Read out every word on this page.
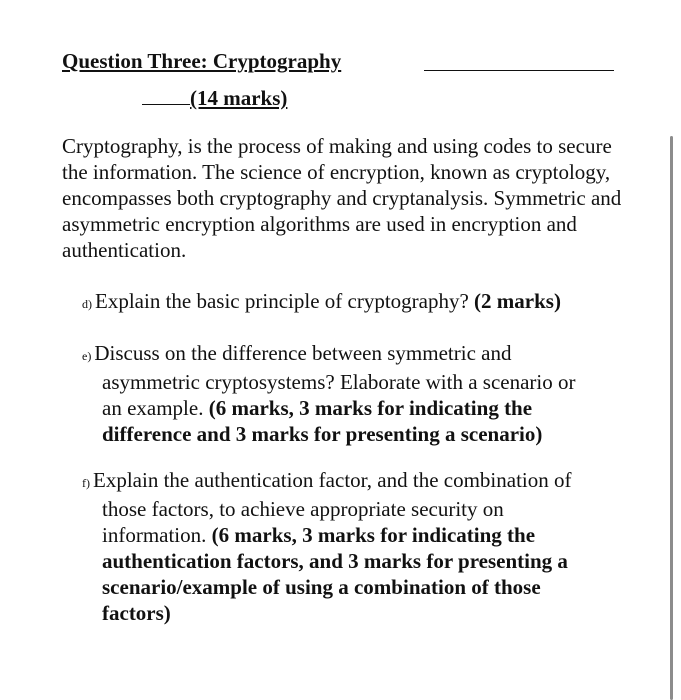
Question Three: Cryptography
(14 marks)
Cryptography, is the process of making and using codes to secure the information. The science of encryption, known as cryptology, encompasses both cryptography and cryptanalysis. Symmetric and asymmetric encryption algorithms are used in encryption and authentication.
d) Explain the basic principle of cryptography? (2 marks)
e) Discuss on the difference between symmetric and
asymmetric cryptosystems? Elaborate with a scenario or
an example. (6 marks, 3 marks for indicating the
difference and 3 marks for presenting a scenario)
f) Explain the authentication factor, and the combination of
those factors, to achieve appropriate security on
information. (6 marks, 3 marks for indicating the
authentication factors, and 3 marks for presenting a
scenario/example of using a combination of those
factors)
